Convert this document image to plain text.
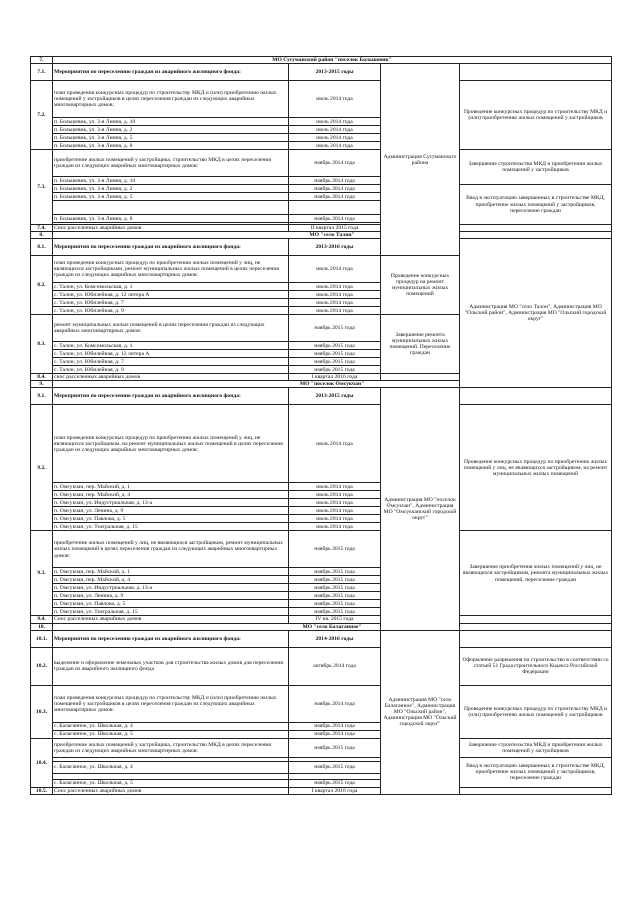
7.	МО Сусуманский район "поселок Большевик"				
7.1.	Мероприятия по переселению граждан из аварийного жилищного фонда:	2013-2015 годы	Администрация Сусуманского района		
7.2.	план проведения конкурсных процедур по строительству МКД и (или) приобретению жилых помещений у застройщиков в целях переселения граждан из следующих аварийных многоквартирных домов:	июль 2014 года		Проведение конкурсных процедур по строительству МКД и (или) приобретению жилых помещений у застройщиков	
	п. Большевик, ул. 3-я Линия, д. 10	июль 2014 года			
	п. Большевик, ул. 3-я Линия, д. 2	июль 2014 года			
	п. Большевик, ул. 3-я Линия, д. 5	июль 2014 года			
	п. Большевик, ул. 3-я Линия, д. 8	июль 2014 года			
7.3.	приобретение жилых помещений у застройщика, строительство МКД в целях переселения граждан из следующих аварийных многоквартирных домов:	ноябрь 2014 года		Завершение строительства МКД и приобретения жилых помещений у застройщиков	
	п. Большевик, ул. 3-я Линия, д. 10	ноябрь 2014 года			
	п. Большевик, ул. 3-я Линия, д. 2	ноябрь 2014 года		Ввод в эксплуатацию завершенных в строительстве МКД, приобретение жилых помещений у застройщиков, переселение граждан	
	п. Большевик, ул. 3-я Линия, д. 5	ноябрь 2014 года			

	п. Большевик, ул. 3-я Линия, д. 8	ноябрь 2014 года			

7.4.	Снос расселенных аварийных домов	II квартал 2015 года			
8.	МО "село Талон"				
8.1.	Мероприятия по переселению граждан из аварийного жилищного фонда:	2013-2016 годы		Администрация МО "село Талон", Администрация МО "Ольский район", Администрация МО "Ольский городской округ"	
8.2.	план проведения конкурсных процедур по приобретению жилых помещений у лиц, не являющихся застройщиками, ремонт муниципальных жилых помещений в целях переселения граждан из следующих аварийных многоквартирных домов:	июль 2014 года	Проведение конкурсных процедур на ремонт муниципальных жилых помещений		
	с. Талон, ул. Комсомольская, д. 1	июль 2014 года			
	с. Талон, ул. Юбилейная, д. 12 литера А	июль 2014 года			
	с. Талон, ул. Юбилейная, д. 7	июль 2014 года			
	с. Талон, ул. Юбилейная, д. 9	июль 2014 года			
8.3.	ремонт муниципальных жилых помещений в целях переселения граждан из следующих аварийных многоквартирных домов:	ноябрь 2015 года	Завершение ремонта муниципальных жилых помещений. Переселение граждан		
	с. Талон, ул. Комсомольская, д. 1	ноябрь 2015 года			
	с. Талон, ул. Юбилейная, д. 12 литера А	ноябрь 2015 года			
	с. Талон, ул. Юбилейная, д. 7	ноябрь 2015 года			
	с. Талон, ул. Юбилейная, д. 9	ноябрь 2015 года			
8.4.	снос расселенных аварийных домов	I квартал 2016 года			
9.	МО "поселок Омсукчан"				
9.1.	Мероприятия по переселению граждан из аварийного жилищного фонда:	2013-2015 годы	Администрация МО "поселок Омсукчан", Администрация МО "Омсукчанский городской округ"		
9.2.	план проведения конкурсных процедур по приобретению жилых помещений у лиц, не являющихся застройщиком, на ремонт муниципальных жилых помещений в целях переселения граждан из следующих аварийных многоквартирных домов:	июль 2014 года		Проведение конкурсных процедур по приобретению жилых помещений у лиц, не являющихся застройщиком, на ремонт муниципальных жилых помещений	
	п. Омсукчан, пер. Майский, д. 1	июль 2014 года			
	п. Омсукчан, пер. Майский, д. 4	июль 2014 года			
	п. Омсукчан, ул. Индустриальная, д. 13-а	июль 2014 года			
	п. Омсукчан, ул. Ленина, д. 9	июль 2014 года			
	п. Омсукчан, ул. Павлова, д. 5	июль 2014 года			
	п. Омсукчан, ул. Театральная, д. 15	июль 2014 года			
9.3.	приобретение жилых помещений у лиц, не являющихся застройщиком, ремонт муниципальных жилых помещений в целях переселения граждан из следующих аварийных многоквартирных домов:	ноябрь 2015 года		Завершение приобретения жилых помещений у лиц, не являющихся застройщиком, ремонта муниципальных жилых помещений, переселение граждан	
	п. Омсукчан, пер. Майский, д. 1	ноябрь 2015 года			
	п. Омсукчан, пер. Майский, д. 4	ноябрь 2015 года			
	п. Омсукчан, ул. Индустриальная, д. 13-а	ноябрь 2015 года			
	п. Омсукчан, ул. Ленина, д. 9	ноябрь 2015 года			
	п. Омсукчан, ул. Павлова, д. 5	ноябрь 2015 года			
	п. Омсукчан, ул. Театральная, д. 15	ноябрь 2015 года			
9.4.	Снос расселенных аварийных домов	IV кв. 2015 года			
10.	МО "село Балаганное"				
10.1.	Мероприятия по переселению граждан из аварийного жилищного фонда:	2014-2016 годы	Администрация МО "село Балаганное", Администрация МО "Ольский район", Администрация МО "Ольский городской округ"		
10.2.	выделение и оформление земельных участков для строительства жилых домов для переселения граждан из аварийного жилищного фонда	октябрь 2014 года		Оформление разрешения на строительство в соответствии со статьей 51 Градостроительного Кодекса Российской Федерации	
10.3.	план проведения конкурсных процедур по строительству МКД и (или) приобретению жилых помещений у застройщиков в целях переселения граждан из следующих аварийных многоквартирных домов:	ноябрь 2014 года		Проведение конкурсных процедур по строительству МКД и (или) приобретению жилых помещений у застройщиков	
	с. Балаганное, ул. Школьная, д. 4	ноябрь 2014 года			
	с. Балаганное, ул. Школьная, д. 5	ноябрь 2014 года			
10.4.	приобретение жилых помещений у застройщика, строительство МКД в целях переселения граждан из следующих аварийных многоквартирных домов:	ноябрь 2015 года		Завершение строительства МКД и приобретения жилых помещений у застройщиков	
				Ввод в эксплуатацию завершенных в строительстве МКД, приобретение жилых помещений у застройщиков, переселение граждан	
	с. Балаганное, ул. Школьная, д. 4	ноябрь 2015 года			

	с. Балаганное, ул. Школьная, д. 5	ноябрь 2015 года			
10.5.	Снос расселенных аварийных домов	I квартал 2016 года			
